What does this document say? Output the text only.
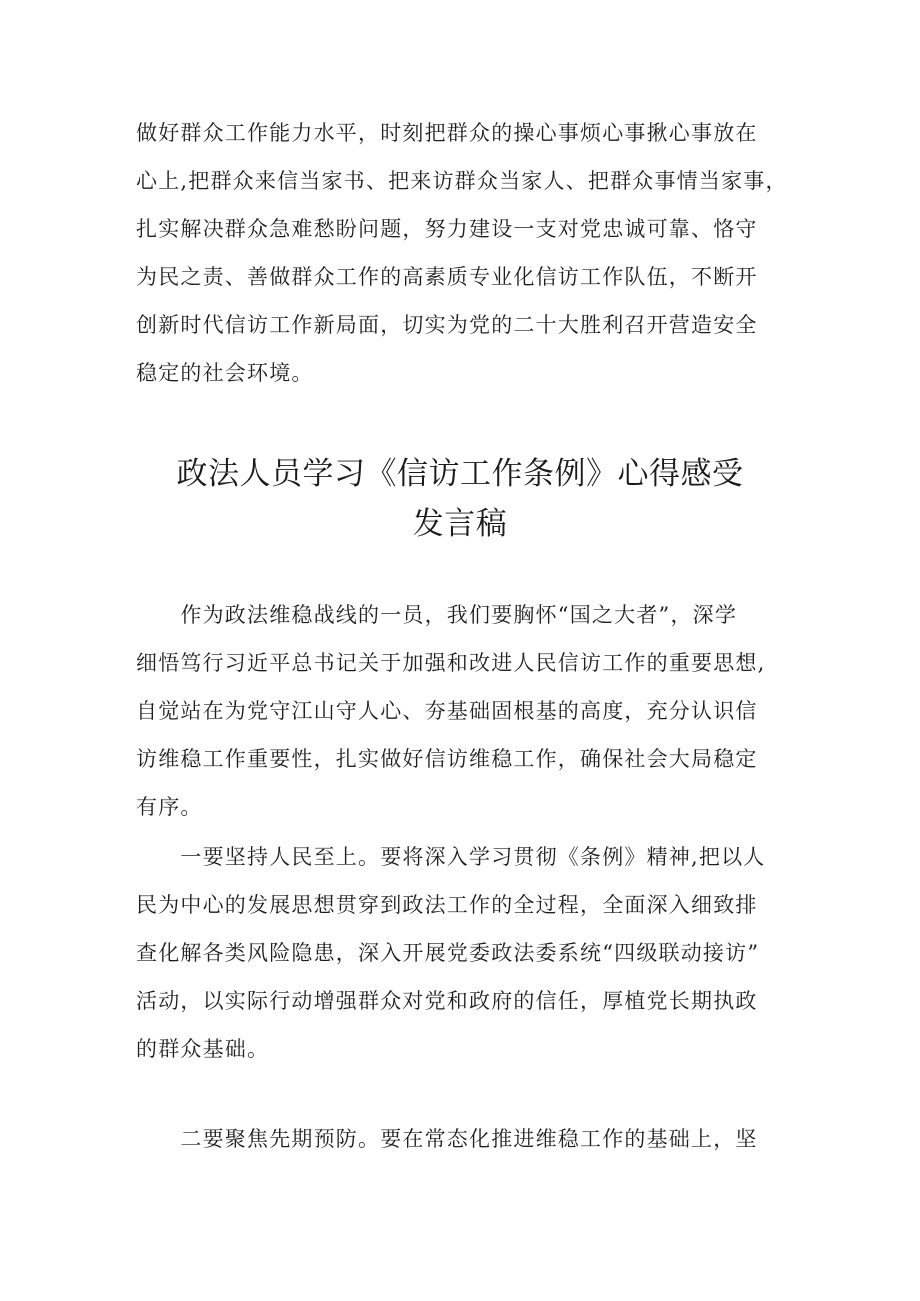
做好群众工作能力水平，时刻把群众的操心事烦心事揪心事放在
心上,把群众来信当家书、把来访群众当家人、把群众事情当家事，
扎实解决群众急难愁盼问题，努力建设一支对党忠诚可靠、恪守
为民之责、善做群众工作的高素质专业化信访工作队伍，不断开
创新时代信访工作新局面，切实为党的二十大胜利召开营造安全
稳定的社会环境。
政法人员学习《信访工作条例》心得感受
发言稿
　　作为政法维稳战线的一员，我们要胸怀“国之大者”，深学
细悟笃行习近平总书记关于加强和改进人民信访工作的重要思想,
自觉站在为党守江山守人心、夯基础固根基的高度，充分认识信
访维稳工作重要性，扎实做好信访维稳工作，确保社会大局稳定
有序。
　　一要坚持人民至上。要将深入学习贯彻《条例》精神,把以人
民为中心的发展思想贯穿到政法工作的全过程，全面深入细致排
查化解各类风险隐患，深入开展党委政法委系统“四级联动接访”
活动，以实际行动增强群众对党和政府的信任，厚植党长期执政
的群众基础。
　　二要聚焦先期预防。要在常态化推进维稳工作的基础上，坚
